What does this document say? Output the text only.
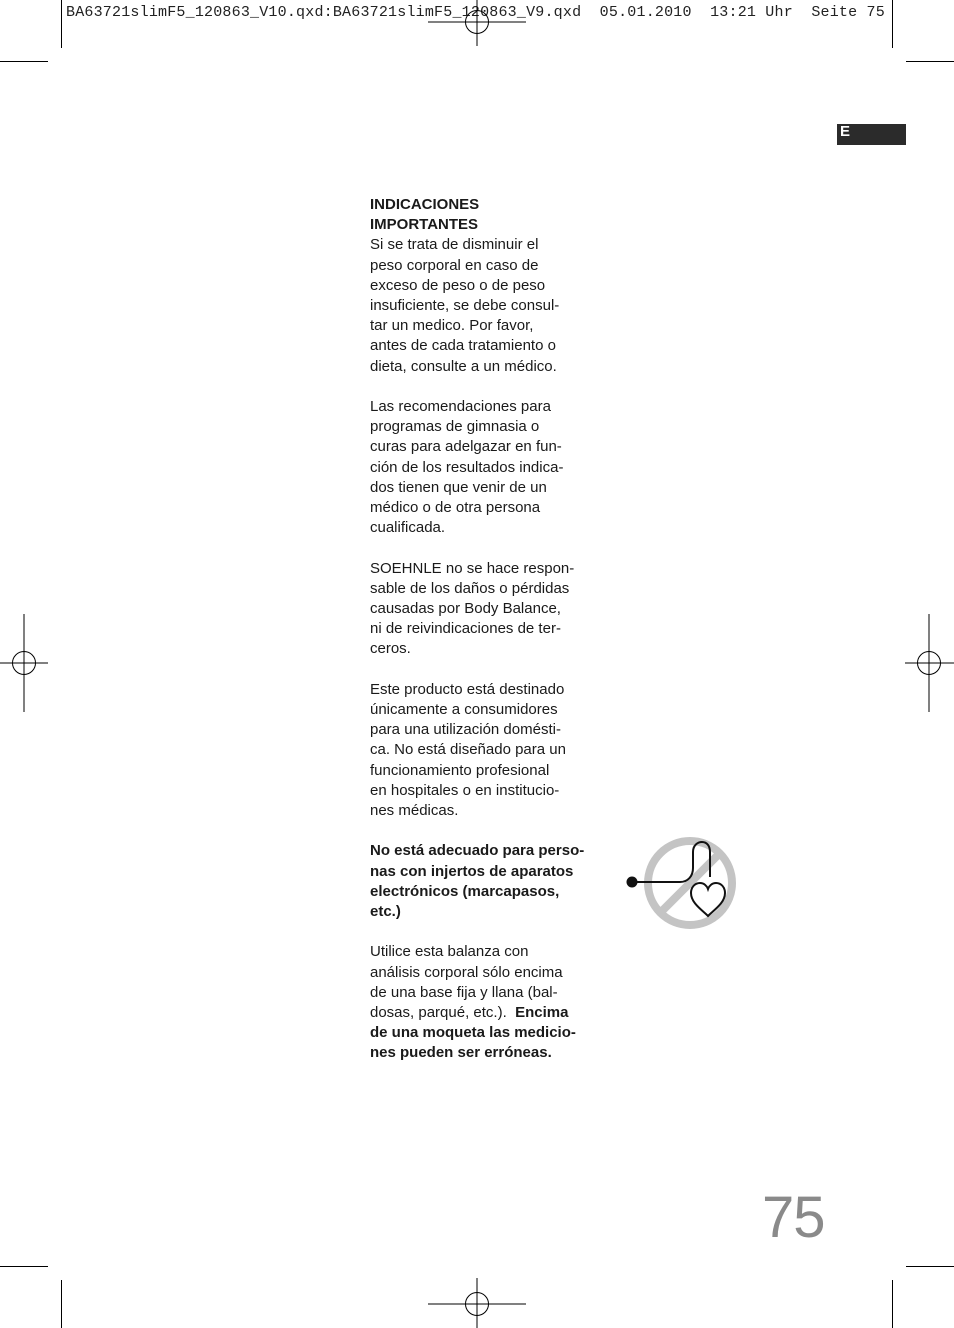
BA63721slimF5_120863_V10.qxd:BA63721slimF5_120863_V9.qxd  05.01.2010  13:21 Uhr  Seite 75
E
INDICACIONES
IMPORTANTES

Si se trata de disminuir el
peso corporal en caso de
exceso de peso o de peso
insuficiente, se debe consul-
tar un medico. Por favor,
antes de cada tratamiento o
dieta, consulte a un médico.

Las recomendaciones para
programas de gimnasia o
curas para adelgazar en fun-
ción de los resultados indica-
dos tienen que venir de un
médico o de otra persona
cualificada.

SOEHNLE no se hace respon-
sable de los daños o pérdidas
causadas por Body Balance,
ni de reivindicaciones de ter-
ceros.

Este producto está destinado
únicamente a consumidores
para una utilización domésti-
ca. No está diseñado para un
funcionamiento profesional
en hospitales o en institucio-
nes médicas.

No está adecuado para perso-
nas con injertos de aparatos
electrónicos (marcapasos,
etc.)

Utilice esta balanza con
análisis corporal sólo encima
de una base fija y llana (bal-
dosas, parqué, etc.). Encima
de una moqueta las medicio-
nes pueden ser erróneas.

75
